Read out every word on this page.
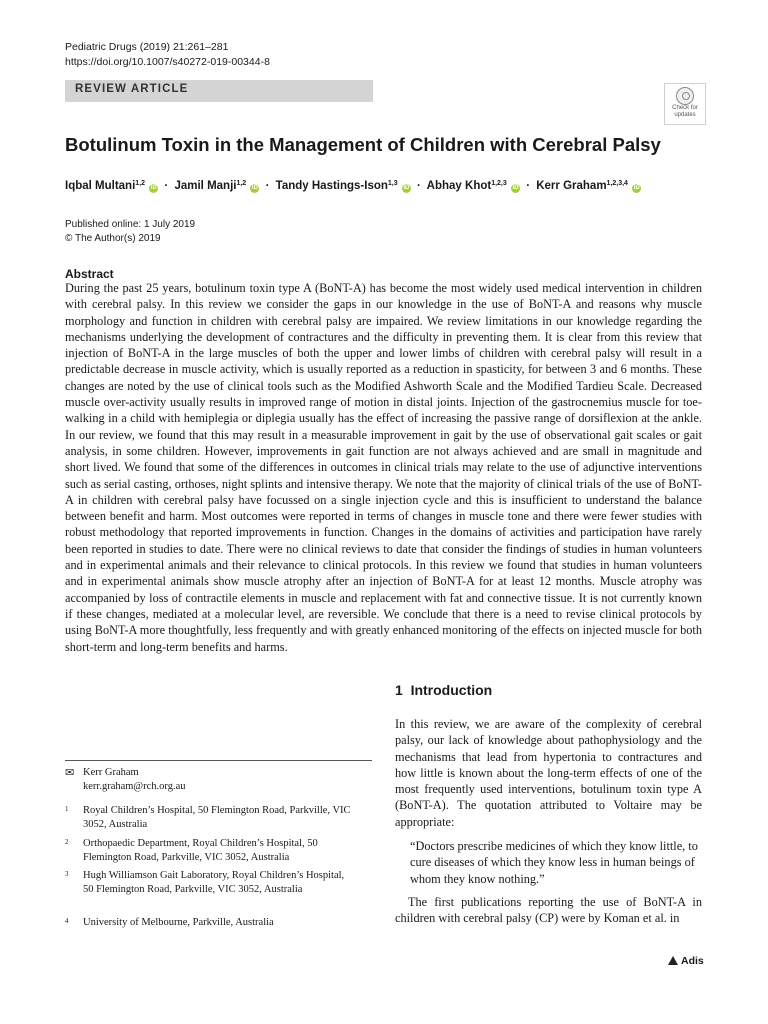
Pediatric Drugs (2019) 21:261–281
https://doi.org/10.1007/s40272-019-00344-8
REVIEW ARTICLE
Check for
updates
Botulinum Toxin in the Management of Children with Cerebral Palsy
Iqbal Multani$^{1,2}$ iD · Jamil Manji$^{1,2}$ iD · Tandy Hastings-Ison$^{1,3}$ iD · Abhay Khot$^{1,2,3}$ iD · Kerr Graham$^{1,2,3,4}$ iD
Published online: 1 July 2019
© The Author(s) 2019
Abstract
During the past 25 years, botulinum toxin type A (BoNT-A) has become the most widely used medical intervention in children with cerebral palsy. In this review we consider the gaps in our knowledge in the use of BoNT-A and reasons why muscle morphology and function in children with cerebral palsy are impaired. We review limitations in our knowledge regarding the mechanisms underlying the development of contractures and the difficulty in preventing them. It is clear from this review that injection of BoNT-A in the large muscles of both the upper and lower limbs of children with cerebral palsy will result in a predictable decrease in muscle activity, which is usually reported as a reduction in spasticity, for between 3 and 6 months. These changes are noted by the use of clinical tools such as the Modified Ashworth Scale and the Modified Tardieu Scale. Decreased muscle over-activity usually results in improved range of motion in distal joints. Injection of the gastrocnemius muscle for toe-walking in a child with hemiplegia or diplegia usually has the effect of increasing the passive range of dorsiflexion at the ankle. In our review, we found that this may result in a measurable improvement in gait by the use of observational gait scales or gait analysis, in some children. However, improvements in gait function are not always achieved and are small in magnitude and short lived. We found that some of the differences in outcomes in clinical trials may relate to the use of adjunctive interventions such as serial casting, orthoses, night splints and intensive therapy. We note that the majority of clinical trials of the use of BoNT-A in children with cerebral palsy have focussed on a single injection cycle and this is insufficient to understand the balance between benefit and harm. Most outcomes were reported in terms of changes in muscle tone and there were fewer studies with robust methodology that reported improvements in function. Changes in the domains of activities and participation have rarely been reported in studies to date. There were no clinical reviews to date that consider the findings of studies in human volunteers and in experimental animals and their relevance to clinical protocols. In this review we found that studies in human volunteers and in experimental animals show muscle atrophy after an injection of BoNT-A for at least 12 months. Muscle atrophy was accompanied by loss of contractile elements in muscle and replacement with fat and connective tissue. It is not currently known if these changes, mediated at a molecular level, are reversible. We conclude that there is a need to revise clinical protocols by using BoNT-A more thoughtfully, less frequently and with greatly enhanced monitoring of the effects on injected muscle for both short-term and long-term benefits and harms.
1 Introduction
In this review, we are aware of the complexity of cerebral palsy, our lack of knowledge about pathophysiology and the mechanisms that lead from hypertonia to contractures and how little is known about the long-term effects of one of the most frequently used interventions, botulinum toxin type A (BoNT-A). The quotation attributed to Voltaire may be appropriate:
“Doctors prescribe medicines of which they know little, to cure diseases of which they know less in human beings of whom they know nothing.”
The first publications reporting the use of BoNT-A in children with cerebral palsy (CP) were by Koman et al. in
✉ Kerr Graham
kerr.graham@rch.org.au
1 Royal Children’s Hospital, 50 Flemington Road, Parkville, VIC 3052, Australia
2 Orthopaedic Department, Royal Children’s Hospital, 50 Flemington Road, Parkville, VIC 3052, Australia
3 Hugh Williamson Gait Laboratory, Royal Children’s Hospital, 50 Flemington Road, Parkville, VIC 3052, Australia
4 University of Melbourne, Parkville, Australia
Adis
